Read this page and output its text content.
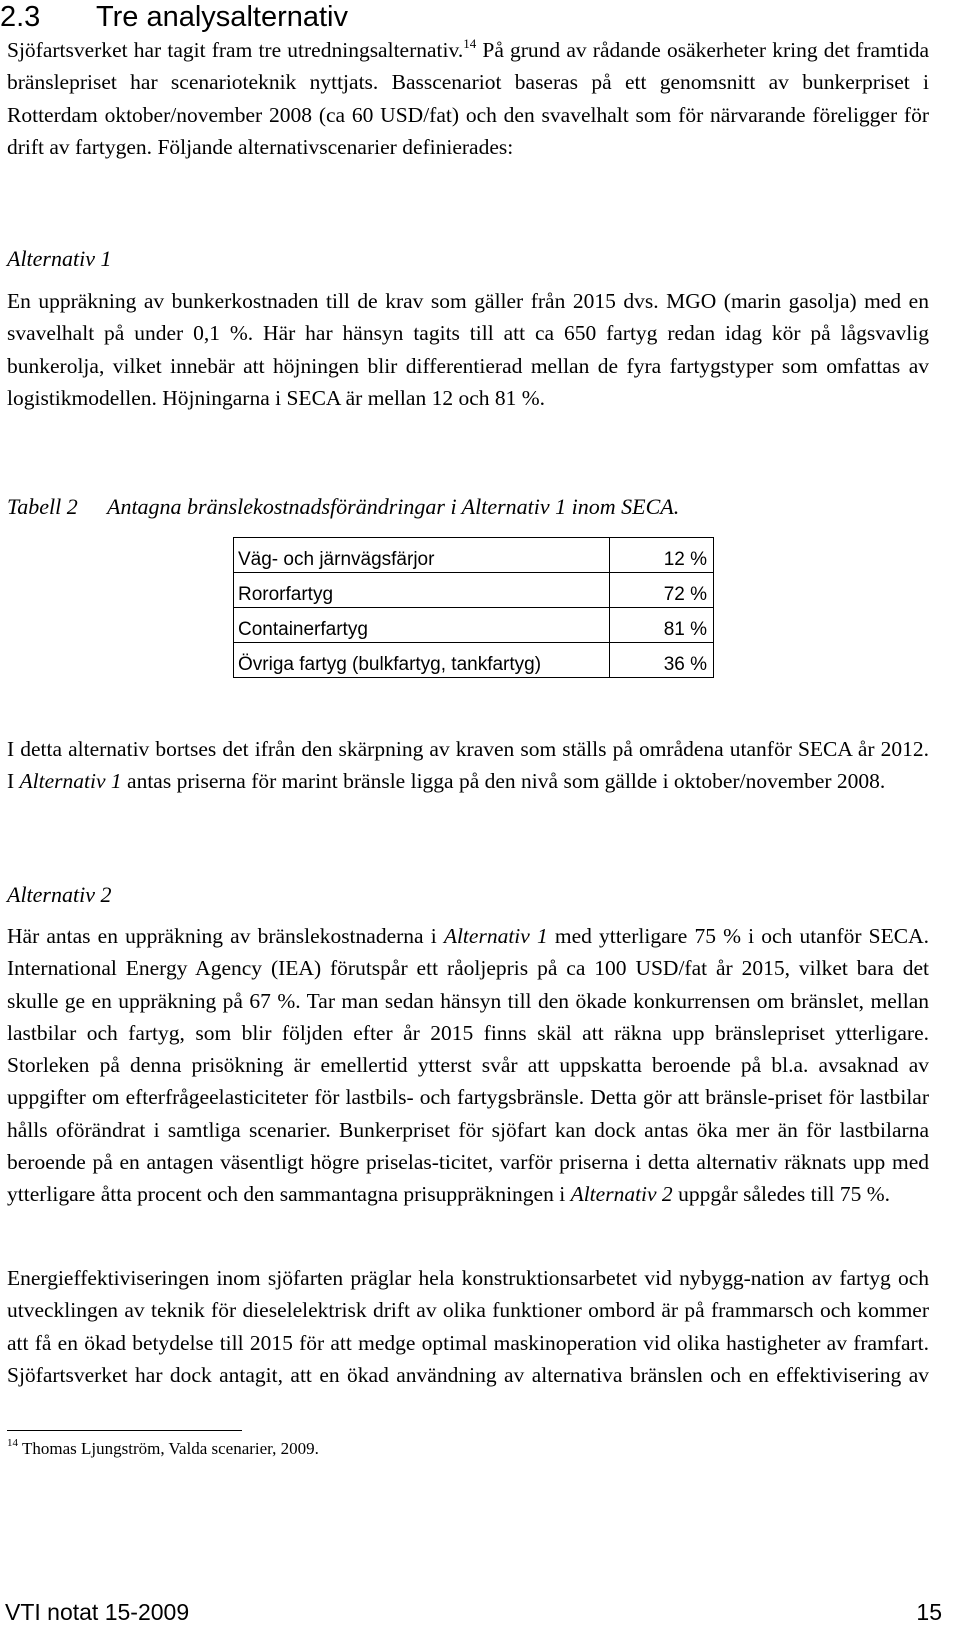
2.3 Tre analysalternativ

Sjöfartsverket har tagit fram tre utredningsalternativ.$^{14}$ På grund av rådande osäkerheter kring det framtida bränslepriset har scenarioteknik nyttjats. Basscenariot baseras på ett genomsnitt av bunkerpriset i Rotterdam oktober/november 2008 (ca 60 USD/fat) och den svavelhalt som för närvarande föreligger för drift av fartygen. Följande alternativscenarier definierades:

Alternativ 1

En uppräkning av bunkerkostnaden till de krav som gäller från 2015 dvs. MGO (marin gasolja) med en svavelhalt på under 0,1 %. Här har hänsyn tagits till att ca 650 fartyg redan idag kör på lågsvavlig bunkerolja, vilket innebär att höjningen blir differentierad mellan de fyra fartygstyper som omfattas av logistikmodellen. Höjningarna i SECA är mellan 12 och 81 %.

Tabell 2 Antagna bränslekostnadsförändringar i Alternativ 1 inom SECA.
Väg- och järnvägsfärjor	12 %
Rororfartyg	72 %
Containerfartyg	81 %
Övriga fartyg (bulkfartyg, tankfartyg)	36 %

I detta alternativ bortses det ifrån den skärpning av kraven som ställs på områdena utanför SECA år 2012. I Alternativ 1 antas priserna för marint bränsle ligga på den nivå som gällde i oktober/november 2008.

Alternativ 2

Här antas en uppräkning av bränslekostnaderna i Alternativ 1 med ytterligare 75 % i och utanför SECA. International Energy Agency (IEA) förutspår ett råoljepris på ca 100 USD/fat år 2015, vilket bara det skulle ge en uppräkning på 67 %. Tar man sedan hänsyn till den ökade konkurrensen om bränslet, mellan lastbilar och fartyg, som blir följden efter år 2015 finns skäl att räkna upp bränslepriset ytterligare. Storleken på denna prisökning är emellertid ytterst svår att uppskatta beroende på bl.a. avsaknad av uppgifter om efterfrågeelasticiteter för lastbils- och fartygsbränsle. Detta gör att bränsle-priset för lastbilar hålls oförändrat i samtliga scenarier. Bunkerpriset för sjöfart kan dock antas öka mer än för lastbilarna beroende på en antagen väsentligt högre priselas-ticitet, varför priserna i detta alternativ räknats upp med ytterligare åtta procent och den sammantagna prisuppräkningen i Alternativ 2 uppgår således till 75 %.

Energieffektiviseringen inom sjöfarten präglar hela konstruktionsarbetet vid nybygg-nation av fartyg och utvecklingen av teknik för dieselelektrisk drift av olika funktioner ombord är på frammarsch och kommer att få en ökad betydelse till 2015 för att medge optimal maskinoperation vid olika hastigheter av framfart. Sjöfartsverket har dock antagit, att en ökad användning av alternativa bränslen och en effektivisering av

$^{14}$ Thomas Ljungström, Valda scenarier, 2009.
VTI notat 15-2009	15
